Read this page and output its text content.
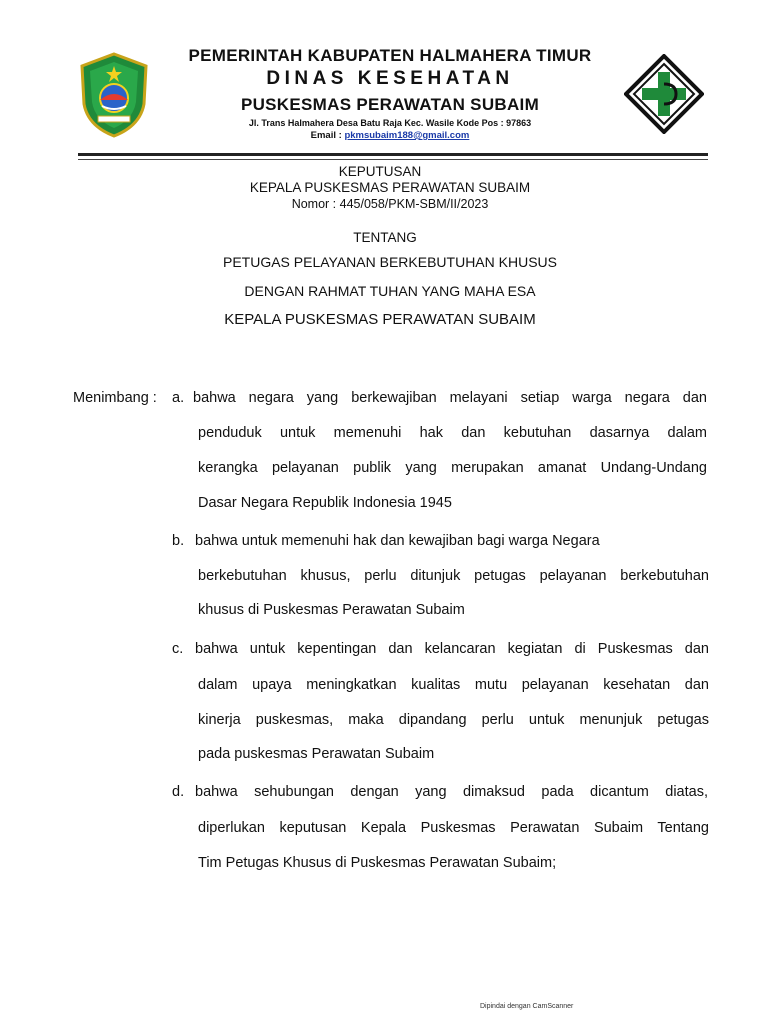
PEMERINTAH KABUPATEN HALMAHERA TIMUR
DINAS KESEHATAN
PUSKESMAS PERAWATAN SUBAIM
Jl. Trans Halmahera Desa Batu Raja Kec. Wasile Kode Pos : 97863
Email : pkmsubaim188@gmail.com
KEPUTUSAN
KEPALA PUSKESMAS PERAWATAN SUBAIM
Nomor : 445/058/PKM-SBM/II/2023
TENTANG
PETUGAS PELAYANAN BERKEBUTUHAN KHUSUS
DENGAN RAHMAT TUHAN YANG MAHA ESA
KEPALA PUSKESMAS PERAWATAN SUBAIM
Menimbang : a. bahwa negara yang berkewajiban melayani setiap warga negara dan
penduduk untuk memenuhi hak dan kebutuhan dasarnya dalam
kerangka pelayanan publik yang merupakan amanat Undang-Undang
Dasar Negara Republik Indonesia 1945
b. bahwa untuk memenuhi hak dan kewajiban bagi warga Negara
berkebutuhan khusus, perlu ditunjuk petugas pelayanan berkebutuhan
khusus di Puskesmas Perawatan Subaim
c. bahwa untuk kepentingan dan kelancaran kegiatan di Puskesmas dan
dalam upaya meningkatkan kualitas mutu pelayanan kesehatan dan
kinerja puskesmas, maka dipandang perlu untuk menunjuk petugas
pada puskesmas Perawatan Subaim
d. bahwa sehubungan dengan yang dimaksud pada dicantum diatas,
diperlukan keputusan Kepala Puskesmas Perawatan Subaim Tentang
Tim Petugas Khusus di Puskesmas Perawatan Subaim;
Dipindai dengan CamScanner
